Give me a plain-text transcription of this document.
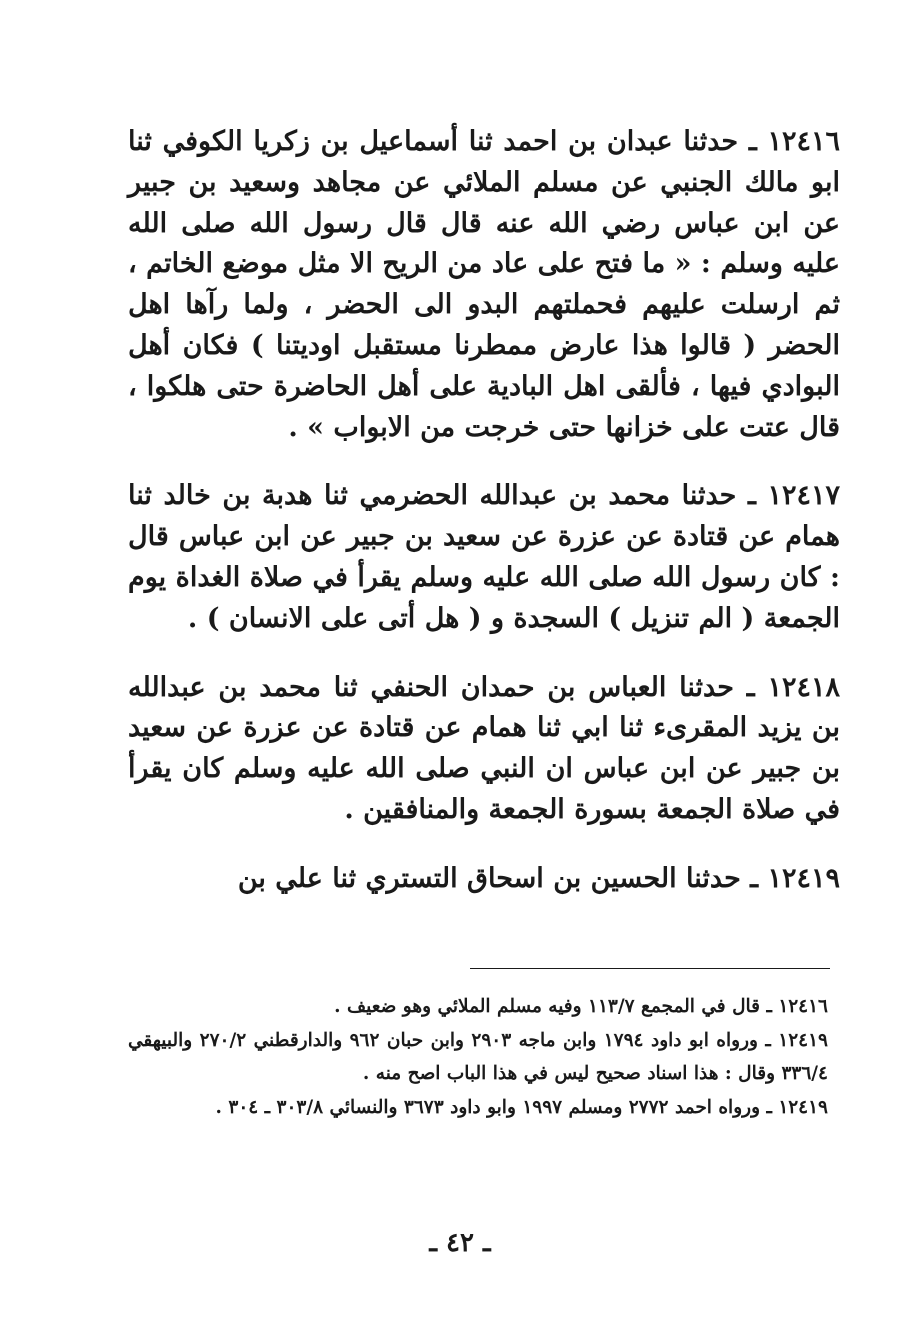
١٢٤١٦ ـ حدثنا عبدان بن احمد ثنا أسماعيل بن زكريا الكوفي ثنا ابو مالك الجنبي عن مسلم الملائي عن مجاهد وسعيد بن جبير عن ابن عباس رضي الله عنه قال قال رسول الله صلى الله عليه وسلم : « ما فتح على عاد من الريح الا مثل موضع الخاتم ، ثم ارسلت عليهم فحملتهم البدو الى الحضر ، ولما رآها اهل الحضر ( قالوا هذا عارض ممطرنا مستقبل اوديتنا ) فكان أهل البوادي فيها ، فألقى اهل البادية على أهل الحاضرة حتى هلكوا ، قال عتت على خزانها حتى خرجت من الابواب » .

١٢٤١٧ ـ حدثنا محمد بن عبدالله الحضرمي ثنا هدبة بن خالد ثنا همام عن قتادة عن عزرة عن سعيد بن جبير عن ابن عباس قال : كان رسول الله صلى الله عليه وسلم يقرأ في صلاة الغداة يوم الجمعة ( الم تنزيل ) السجدة و ( هل أتى على الانسان ) .

١٢٤١٨ ـ حدثنا العباس بن حمدان الحنفي ثنا محمد بن عبدالله بن يزيد المقرىء ثنا ابي ثنا همام عن قتادة عن عزرة عن سعيد بن جبير عن ابن عباس ان النبي صلى الله عليه وسلم كان يقرأ في صلاة الجمعة بسورة الجمعة والمنافقين .

١٢٤١٩ ـ حدثنا الحسين بن اسحاق التستري ثنا علي بن

١٢٤١٦ ـ قال في المجمع ١١٣/٧ وفيه مسلم الملائي وهو ضعيف .

١٢٤١٩ ـ ورواه ابو داود ١٧٩٤ وابن ماجه ٢٩٠٣ وابن حبان ٩٦٢ والدارقطني ٢٧٠/٢ والبيهقي ٣٣٦/٤ وقال : هذا اسناد صحيح ليس في هذا الباب اصح منه .

١٢٤١٩ ـ ورواه احمد ٢٧٧٢ ومسلم ١٩٩٧ وابو داود ٣٦٧٣ والنسائي ٣٠٣/٨ ـ ٣٠٤ .

ـ ٤٢ ـ
